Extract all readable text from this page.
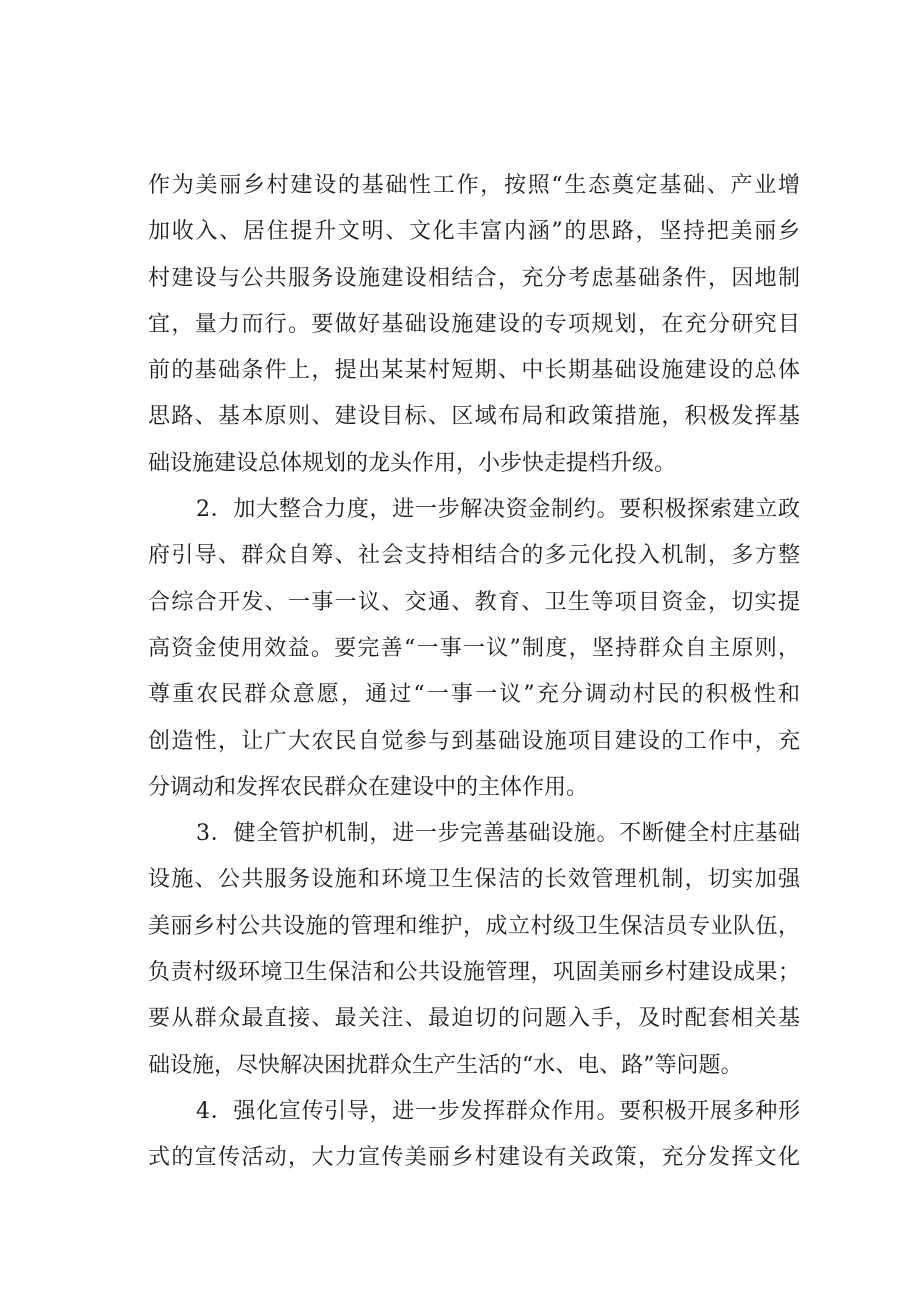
作为美丽乡村建设的基础性工作，按照“生态奠定基础、产业增
加收入、居住提升文明、文化丰富内涵”的思路，坚持把美丽乡
村建设与公共服务设施建设相结合，充分考虑基础条件，因地制
宜，量力而行。要做好基础设施建设的专项规划，在充分研究目
前的基础条件上，提出某某村短期、中长期基础设施建设的总体
思路、基本原则、建设目标、区域布局和政策措施，积极发挥基
础设施建设总体规划的龙头作用，小步快走提档升级。
2．加大整合力度，进一步解决资金制约。要积极探索建立政
府引导、群众自筹、社会支持相结合的多元化投入机制，多方整
合综合开发、一事一议、交通、教育、卫生等项目资金，切实提
高资金使用效益。要完善“一事一议”制度，坚持群众自主原则，
尊重农民群众意愿，通过“一事一议”充分调动村民的积极性和
创造性，让广大农民自觉参与到基础设施项目建设的工作中，充
分调动和发挥农民群众在建设中的主体作用。
3．健全管护机制，进一步完善基础设施。不断健全村庄基础
设施、公共服务设施和环境卫生保洁的长效管理机制，切实加强
美丽乡村公共设施的管理和维护，成立村级卫生保洁员专业队伍，
负责村级环境卫生保洁和公共设施管理，巩固美丽乡村建设成果；
要从群众最直接、最关注、最迫切的问题入手，及时配套相关基
础设施，尽快解决困扰群众生产生活的“水、电、路”等问题。
4．强化宣传引导，进一步发挥群众作用。要积极开展多种形
式的宣传活动，大力宣传美丽乡村建设有关政策，充分发挥文化
